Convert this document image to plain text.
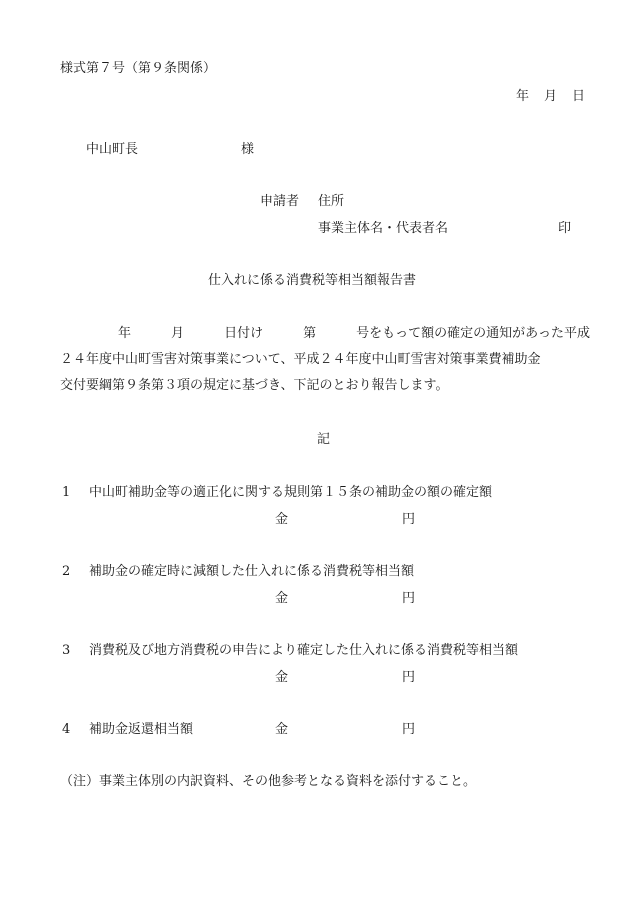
様式第７号（第９条関係）
年 月 日
中山町長	様
申請者 住所
事業主体名・代表者名	印
仕入れに係る消費税等相当額報告書
年	月	日付け	第	号をもって額の確定の通知があった平成
２４年度中山町雪害対策事業について、平成２４年度中山町雪害対策事業費補助金
交付要綱第９条第３項の規定に基づき、下記のとおり報告します。
記
1 中山町補助金等の適正化に関する規則第１５条の補助金の額の確定額
金	円
2 補助金の確定時に減額した仕入れに係る消費税等相当額
金	円
3 消費税及び地方消費税の申告により確定した仕入れに係る消費税等相当額
金	円
4 補助金返還相当額	金	円
（注）事業主体別の内訳資料、その他参考となる資料を添付すること。
